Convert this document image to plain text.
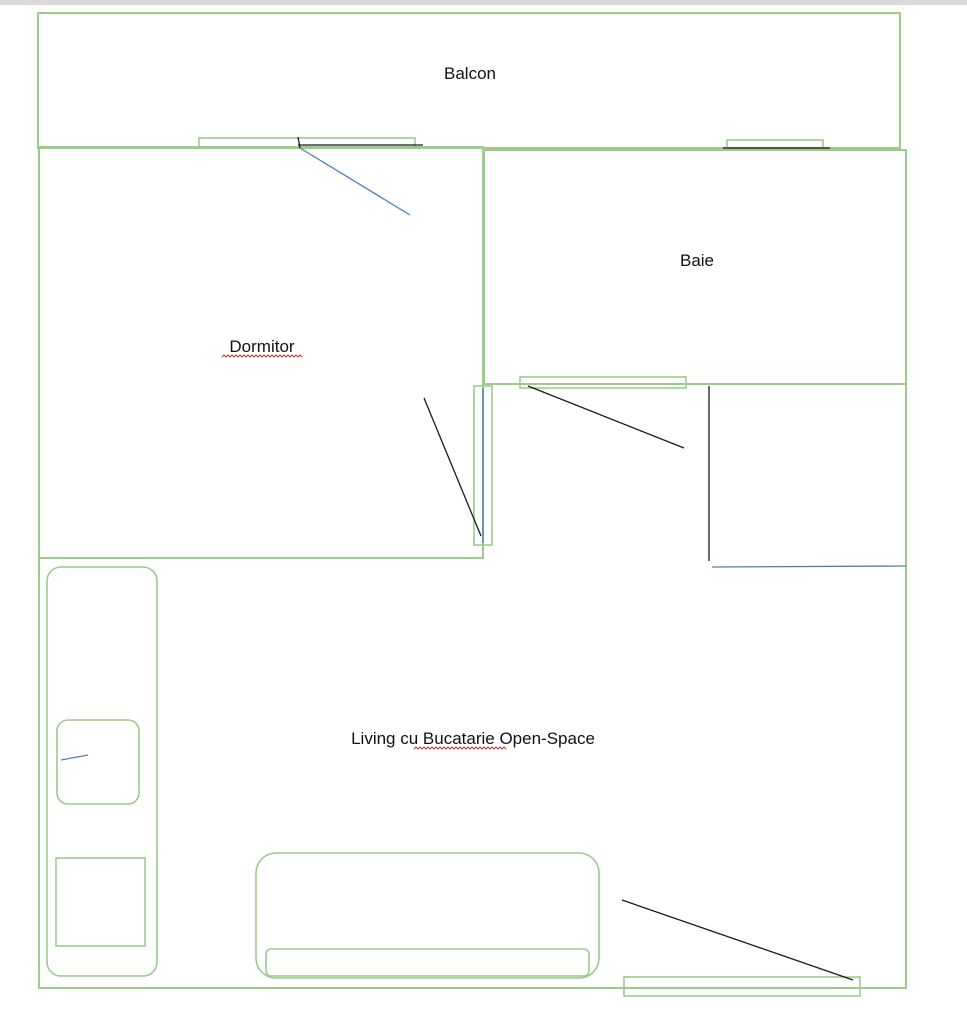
Balcon
Baie
Dormitor
Living cu Bucatarie Open-Space
